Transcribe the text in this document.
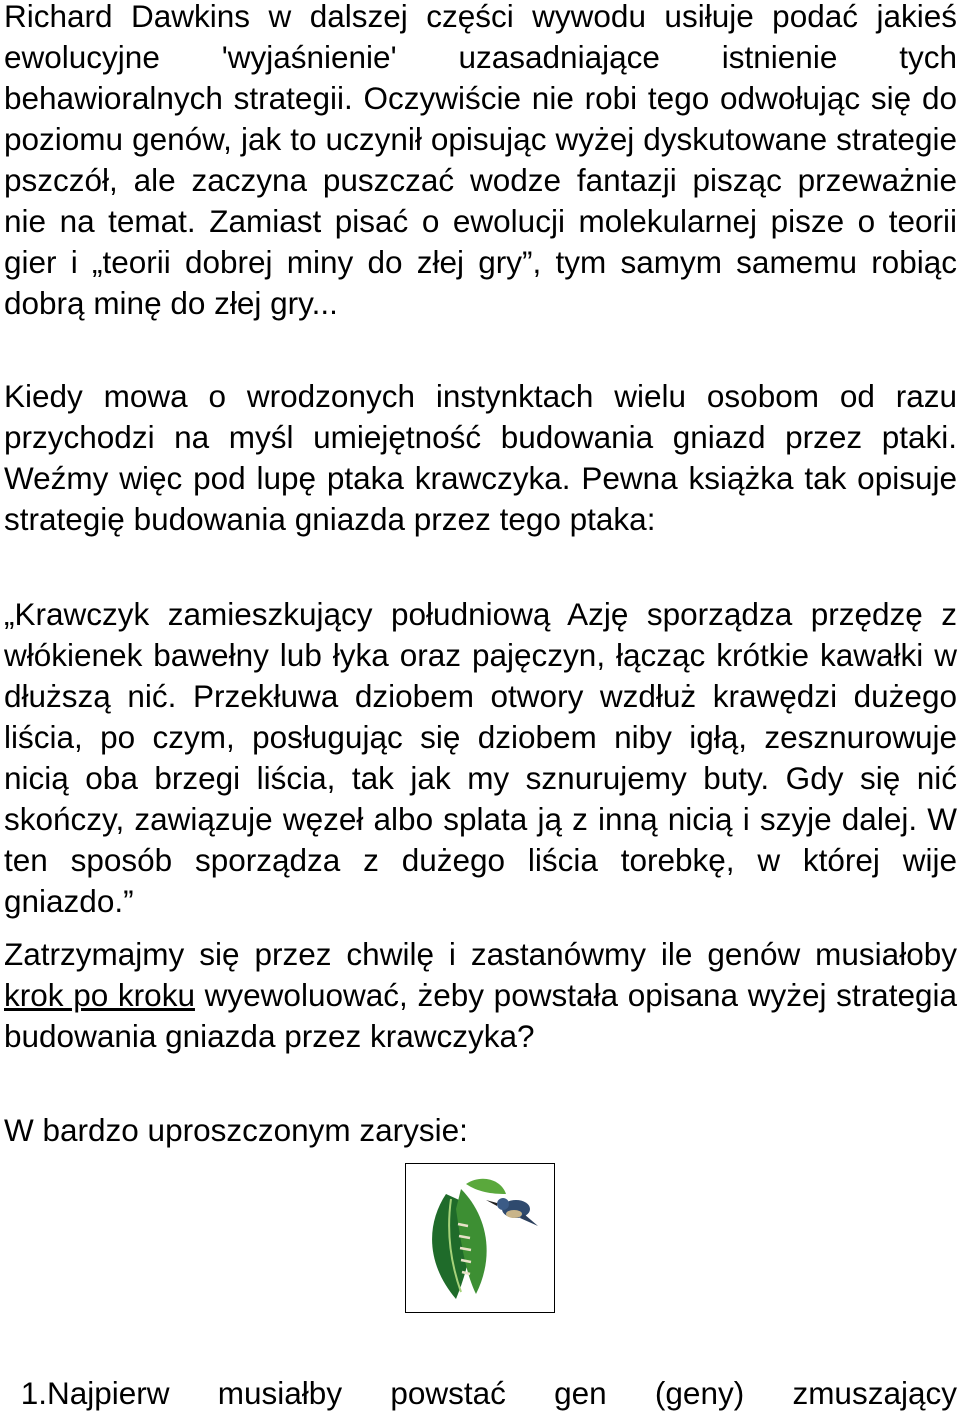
Richard Dawkins w dalszej części wywodu usiłuje podać jakieś ewolucyjne 'wyjaśnienie' uzasadniające istnienie tych behawioralnych strategii. Oczywiście nie robi tego odwołując się do poziomu genów, jak to uczynił opisując wyżej dyskutowane strategie pszczół, ale zaczyna puszczać wodze fantazji pisząc przeważnie nie na temat. Zamiast pisać o ewolucji molekularnej pisze o teorii gier i „teorii dobrej miny do złej gry”, tym samym samemu robiąc dobrą minę do złej gry...

Kiedy mowa o wrodzonych instynktach wielu osobom od razu przychodzi na myśl umiejętność budowania gniazd przez ptaki. Weźmy więc pod lupę ptaka krawczyka. Pewna książka tak opisuje strategię budowania gniazda przez tego ptaka:

„Krawczyk zamieszkujący południową Azję sporządza przędzę z włókienek bawełny lub łyka oraz pajęczyn, łącząc krótkie kawałki w dłuższą nić. Przekłuwa dziobem otwory wzdłuż krawędzi dużego liścia, po czym, posługując się dziobem niby igłą, zesznurowuje nicią oba brzegi liścia, tak jak my sznurujemy buty. Gdy się nić skończy, zawiązuje węzeł albo splata ją z inną nicią i szyje dalej. W ten sposób sporządza z dużego liścia torebkę, w której wije gniazdo.”

Zatrzymajmy się przez chwilę i zastanówmy ile genów musiałoby krok po kroku wyewoluować, żeby powstała opisana wyżej strategia budowania gniazda przez krawczyka?

W bardzo uproszczonym zarysie:

1. Najpierw musiałby powstać gen (geny) zmuszający
